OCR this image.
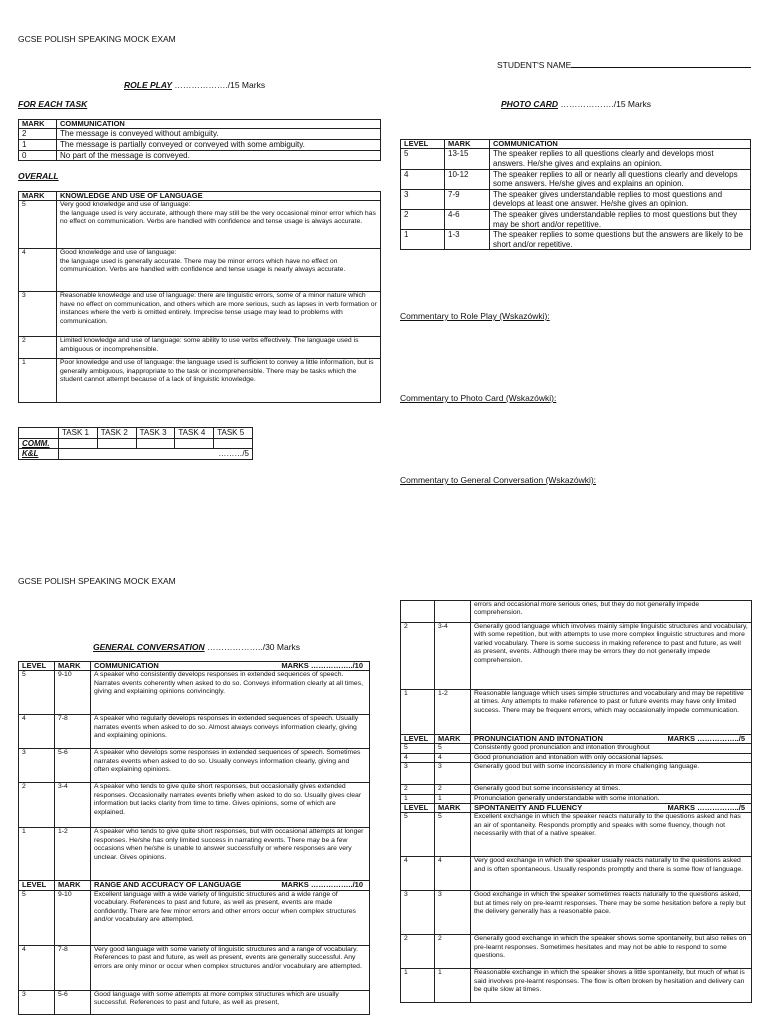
GCSE POLISH SPEAKING MOCK EXAM
STUDENT'S NAME
ROLE PLAY ………………./15 Marks
FOR EACH TASK	PHOTO CARD ………………./15 Marks
MARK	COMMUNICATION
2	The message is conveyed without ambiguity.
1	The message is partially conveyed or conveyed with some ambiguity.
0	No part of the message is conveyed.
OVERALL
MARK	KNOWLEDGE AND USE OF LANGUAGE
5	Very good knowledge and use of language:
the language used is very accurate, although there may still be the very occasional minor error which has no effect on communication. Verbs are handled with confidence and tense usage is always accurate.
4	Good knowledge and use of language:
the language used is generally accurate. There may be minor errors which have no effect on communication. Verbs are handled with confidence and tense usage is nearly always accurate.
3	Reasonable knowledge and use of language: there are linguistic errors, some of a minor nature which have no effect on communication, and others which are more serious, such as lapses in verb formation or instances where the verb is omitted entirely. Imprecise tense usage may lead to problems with communication.
2	Limited knowledge and use of language: some ability to use verbs effectively. The language used is ambiguous or incomprehensible.
1	Poor knowledge and use of language: the language used is sufficient to convey a little information, but is generally ambiguous, inappropriate to the task or incomprehensible. There may be tasks which the student cannot attempt because of a lack of linguistic knowledge.
	TASK 1	TASK 2	TASK 3	TASK 4	TASK 5
COMM.					
K&L	………/5				
LEVEL	MARK	COMMUNICATION
5	13-15	The speaker replies to all questions clearly and develops most answers. He/she gives and explains an opinion.
4	10-12	The speaker replies to all or nearly all questions clearly and develops some answers. He/she gives and explains an opinion.
3	7-9	The speaker gives understandable replies to most questions and develops at least one answer. He/she gives an opinion.
2	4-6	The speaker gives understandable replies to most questions but they may be short and/or repetitive.
1	1-3	The speaker replies to some questions but the answers are likely to be short and/or repetitive.
Commentary to Role Play (Wskazówki):
Commentary to Photo Card (Wskazówki):
Commentary to General Conversation (Wskazówki):
GCSE POLISH SPEAKING MOCK EXAM
GENERAL CONVERSATION ………………../30 Marks
LEVEL	MARK	COMMUNICATION MARKS ……………../10

5	9-10	A speaker who consistently develops responses in extended sequences of speech. Narrates events coherently when asked to do so. Conveys information clearly at all times, giving and explaining opinions convincingly.
4	7-8	A speaker who regularly develops responses in extended sequences of speech. Usually narrates events when asked to do so. Almost always conveys information clearly, giving and explaining opinions.
3	5-6	A speaker who develops some responses in extended sequences of speech. Sometimes narrates events when asked to do so. Usually conveys information clearly, giving and often explaining opinions.
2	3-4	A speaker who tends to give quite short responses, but occasionally gives extended responses. Occasionally narrates events briefly when asked to do so. Usually gives clear information but lacks clarity from time to time. Gives opinions, some of which are explained.
1	1-2	A speaker who tends to give quite short responses, but with occasional attempts at longer responses. He/she has only limited success in narrating events. There may be a few occasions when he/she is unable to answer successfully or where responses are very unclear. Gives opinions.
LEVEL	MARK	RANGE AND ACCURACY OF LANGUAGE MARKS ……………../10

5	9-10	Excellent language with a wide variety of linguistic structures and a wide range of vocabulary. References to past and future, as well as present, events are made confidently. There are few minor errors and other errors occur when complex structures and/or vocabulary are attempted.
4	7-8	Very good language with some variety of linguistic structures and a range of vocabulary. References to past and future, as well as present, events are generally successful. Any errors are only minor or occur when complex structures and/or vocabulary are attempted.
3	5-6	Good language with some attempts at more complex structures which are usually successful. References to past and future, as well as present,
		errors and occasional more serious ones, but they do not generally impede comprehension.
2	3-4	Generally good language which involves mainly simple linguistic structures and vocabulary, with some repetition, but with attempts to use more complex linguistic structures and more varied vocabulary. There is some success in making reference to past and future, as well as present, events. Although there may be errors they do not generally impede comprehension.
1	1-2	Reasonable language which uses simple structures and vocabulary and may be repetitive at times. Any attempts to make reference to past or future events may have only limited success. There may be frequent errors, which may occasionally impede communication.
LEVEL	MARK	PRONUNCIATION AND INTONATION MARKS ……………../5

5	5	Consistently good pronunciation and intonation throughout
4	4	Good pronunciation and intonation with only occasional lapses.
3	3	Generally good but with some inconsistency in more challenging language.
2	2	Generally good but some inconsistency at times.
1	1	Pronunciation generally understandable with some intonation.
LEVEL	MARK	SPONTANEITY AND FLUENCY MARKS ……………../5

5	5	Excellent exchange in which the speaker reacts naturally to the questions asked and has an air of spontaneity. Responds promptly and speaks with some fluency, though not necessarily with that of a native speaker.
4	4	Very good exchange in which the speaker usually reacts naturally to the questions asked and is often spontaneous. Usually responds promptly and there is some flow of language.
3	3	Good exchange in which the speaker sometimes reacts naturally to the questions asked, but at times rely on pre-learnt responses. There may be some hesitation before a reply but the delivery generally has a reasonable pace.
2	2	Generally good exchange in which the speaker shows some spontaneity, but also relies on pre-learnt responses. Sometimes hesitates and may not be able to respond to some questions.
1	1	Reasonable exchange in which the speaker shows a little spontaneity, but much of what is said involves pre-learnt responses. The flow is often broken by hesitation and delivery can be quite slow at times.
